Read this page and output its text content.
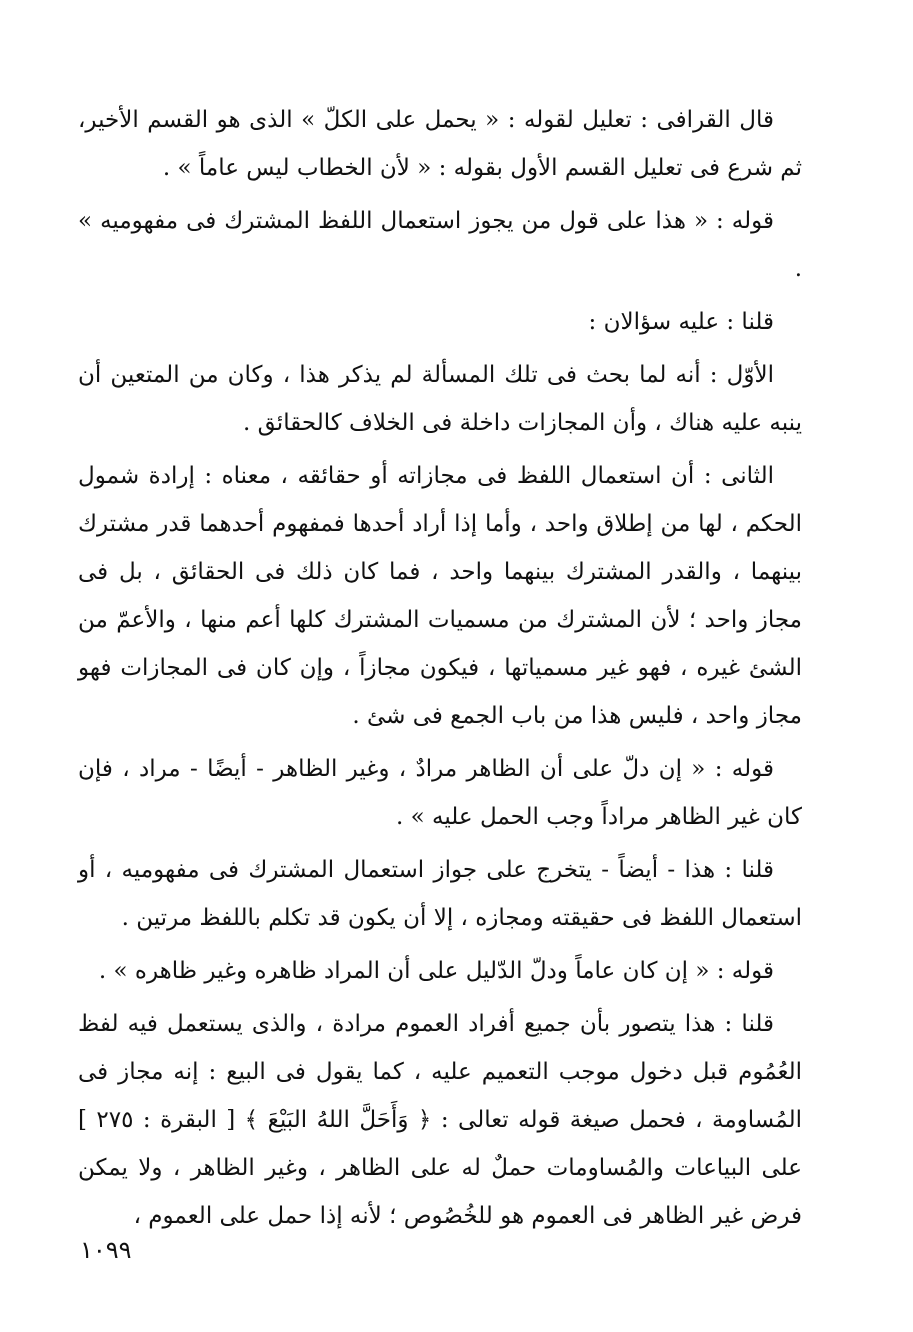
قال القرافى : تعليل لقوله : « يحمل على الكلّ » الذى هو القسم الأخير، ثم شرع فى تعليل القسم الأول بقوله : « لأن الخطاب ليس عاماً » .

قوله : « هذا على قول من يجوز استعمال اللفظ المشترك فى مفهوميه » .

قلنا : عليه سؤالان :

الأوّل : أنه لما بحث فى تلك المسألة لم يذكر هذا ، وكان من المتعين أن ينبه عليه هناك ، وأن المجازات داخلة فى الخلاف كالحقائق .

الثانى : أن استعمال اللفظ فى مجازاته أو حقائقه ، معناه : إرادة شمول الحكم ، لها من إطلاق واحد ، وأما إذا أراد أحدها فمفهوم أحدهما قدر مشترك بينهما ، والقدر المشترك بينهما واحد ، فما كان ذلك فى الحقائق ، بل فى مجاز واحد ؛ لأن المشترك من مسميات المشترك كلها أعم منها ، والأعمّ من الشئ غيره ، فهو غير مسمياتها ، فيكون مجازاً ، وإن كان فى المجازات فهو مجاز واحد ، فليس هذا من باب الجمع فى شئ .

قوله : « إن دلّ على أن الظاهر مرادٌ ، وغير الظاهر - أيضًا - مراد ، فإن كان غير الظاهر مراداً وجب الحمل عليه » .

قلنا : هذا - أيضاً - يتخرج على جواز استعمال المشترك فى مفهوميه ، أو استعمال اللفظ فى حقيقته ومجازه ، إلا أن يكون قد تكلم باللفظ مرتين .

قوله : « إن كان عاماً ودلّ الدّليل على أن المراد ظاهره وغير ظاهره » .

قلنا : هذا يتصور بأن جميع أفراد العموم مرادة ، والذى يستعمل فيه لفظ العُمُوم قبل دخول موجب التعميم عليه ، كما يقول فى البيع : إنه مجاز فى المُساومة ، فحمل صيغة قوله تعالى : ﴿ وَأَحَلَّ اللهُ البَيْعَ ﴾ [ البقرة : ٢٧٥ ] على البياعات والمُساومات حملٌ له على الظاهر ، وغير الظاهر ، ولا يمكن فرض غير الظاهر فى العموم هو للخُصُوص ؛ لأنه إذا حمل على العموم ،

١٠٩٩
